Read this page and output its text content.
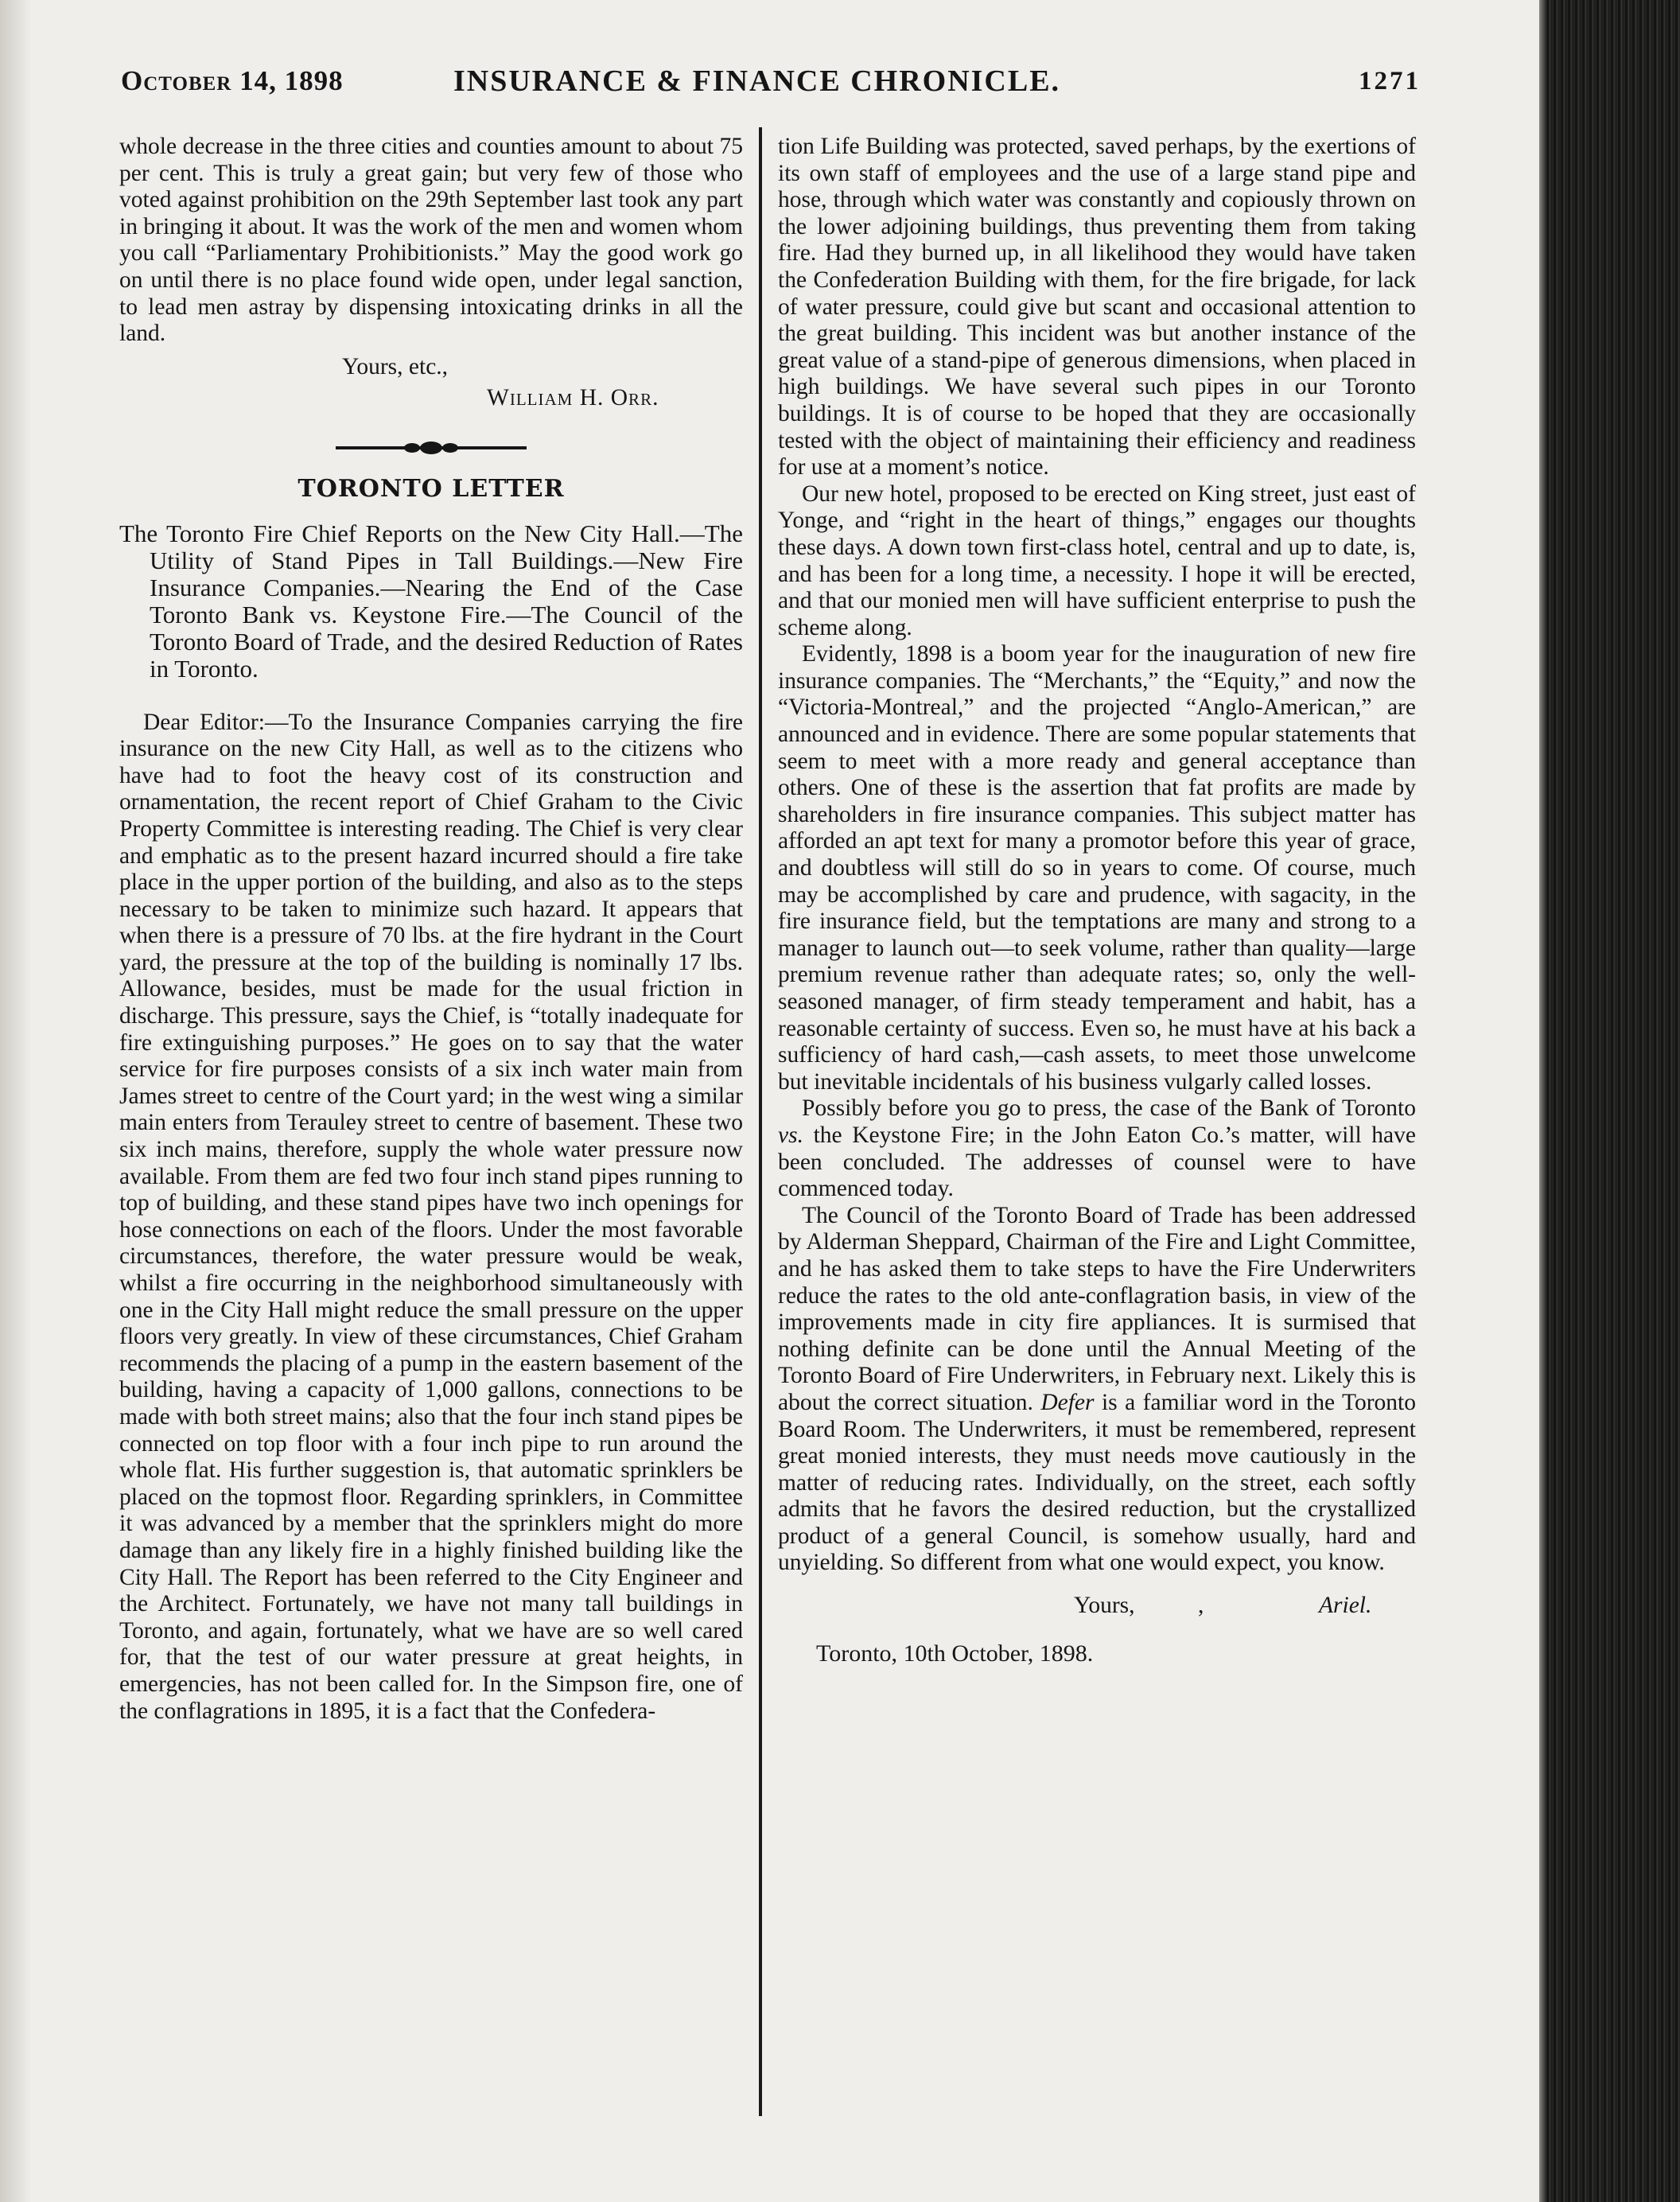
October 14, 1898	INSURANCE & FINANCE CHRONICLE.	1271

whole decrease in the three cities and counties amount to about 75 per cent. This is truly a great gain; but very few of those who voted against prohibition on the 29th September last took any part in bringing it about. It was the work of the men and women whom you call “Parliamentary Prohibitionists.” May the good work go on until there is no place found wide open, under legal sanction, to lead men astray by dispensing intoxicating drinks in all the land.

Yours, etc.,
William H. Orr.
TORONTO LETTER

The Toronto Fire Chief Reports on the New City Hall.—The Utility of Stand Pipes in Tall Buildings.—New Fire Insurance Companies.—Nearing the End of the Case Toronto Bank vs. Keystone Fire.—The Council of the Toronto Board of Trade, and the desired Reduction of Rates in Toronto.

Dear Editor:—To the Insurance Companies carrying the fire insurance on the new City Hall, as well as to the citizens who have had to foot the heavy cost of its construction and ornamentation, the recent report of Chief Graham to the Civic Property Committee is interesting reading. The Chief is very clear and emphatic as to the present hazard incurred should a fire take place in the upper portion of the building, and also as to the steps necessary to be taken to minimize such hazard. It appears that when there is a pressure of 70 lbs. at the fire hydrant in the Court yard, the pressure at the top of the building is nominally 17 lbs. Allowance, besides, must be made for the usual friction in discharge. This pressure, says the Chief, is “totally inadequate for fire extinguishing purposes.” He goes on to say that the water service for fire purposes consists of a six inch water main from James street to centre of the Court yard; in the west wing a similar main enters from Terauley street to centre of basement. These two six inch mains, therefore, supply the whole water pressure now available. From them are fed two four inch stand pipes running to top of building, and these stand pipes have two inch openings for hose connections on each of the floors. Under the most favorable circumstances, therefore, the water pressure would be weak, whilst a fire occurring in the neighborhood simultaneously with one in the City Hall might reduce the small pressure on the upper floors very greatly. In view of these circumstances, Chief Graham recommends the placing of a pump in the eastern basement of the building, having a capacity of 1,000 gallons, connections to be made with both street mains; also that the four inch stand pipes be connected on top floor with a four inch pipe to run around the whole flat. His further suggestion is, that automatic sprinklers be placed on the topmost floor. Regarding sprinklers, in Committee it was advanced by a member that the sprinklers might do more damage than any likely fire in a highly finished building like the City Hall. The Report has been referred to the City Engineer and the Architect. Fortunately, we have not many tall buildings in Toronto, and again, fortunately, what we have are so well cared for, that the test of our water pressure at great heights, in emergencies, has not been called for. In the Simpson fire, one of the conflagrations in 1895, it is a fact that the Confedera-

tion Life Building was protected, saved perhaps, by the exertions of its own staff of employees and the use of a large stand pipe and hose, through which water was constantly and copiously thrown on the lower adjoining buildings, thus preventing them from taking fire. Had they burned up, in all likelihood they would have taken the Confederation Building with them, for the fire brigade, for lack of water pressure, could give but scant and occasional attention to the great building. This incident was but another instance of the great value of a stand-pipe of generous dimensions, when placed in high buildings. We have several such pipes in our Toronto buildings. It is of course to be hoped that they are occasionally tested with the object of maintaining their efficiency and readiness for use at a moment’s notice.

Our new hotel, proposed to be erected on King street, just east of Yonge, and “right in the heart of things,” engages our thoughts these days. A down town first-class hotel, central and up to date, is, and has been for a long time, a necessity. I hope it will be erected, and that our monied men will have sufficient enterprise to push the scheme along.

Evidently, 1898 is a boom year for the inauguration of new fire insurance companies. The “Merchants,” the “Equity,” and now the “Victoria-Montreal,” and the projected “Anglo-American,” are announced and in evidence. There are some popular statements that seem to meet with a more ready and general acceptance than others. One of these is the assertion that fat profits are made by shareholders in fire insurance companies. This subject matter has afforded an apt text for many a promotor before this year of grace, and doubtless will still do so in years to come. Of course, much may be accomplished by care and prudence, with sagacity, in the fire insurance field, but the temptations are many and strong to a manager to launch out—to seek volume, rather than quality—large premium revenue rather than adequate rates; so, only the well-seasoned manager, of firm steady temperament and habit, has a reasonable certainty of success. Even so, he must have at his back a sufficiency of hard cash,—cash assets, to meet those unwelcome but inevitable incidentals of his business vulgarly called losses.

Possibly before you go to press, the case of the Bank of Toronto vs. the Keystone Fire; in the John Eaton Co.’s matter, will have been concluded. The addresses of counsel were to have commenced today.

The Council of the Toronto Board of Trade has been addressed by Alderman Sheppard, Chairman of the Fire and Light Committee, and he has asked them to take steps to have the Fire Underwriters reduce the rates to the old ante-conflagration basis, in view of the improvements made in city fire appliances. It is surmised that nothing definite can be done until the Annual Meeting of the Toronto Board of Fire Underwriters, in February next. Likely this is about the correct situation. Defer is a familiar word in the Toronto Board Room. The Underwriters, it must be remembered, represent great monied interests, they must needs move cautiously in the matter of reducing rates. Individually, on the street, each softly admits that he favors the desired reduction, but the crystallized product of a general Council, is somehow usually, hard and unyielding. So different from what one would expect, you know.

Yours,	,	Ariel.
Toronto, 10th October, 1898.
